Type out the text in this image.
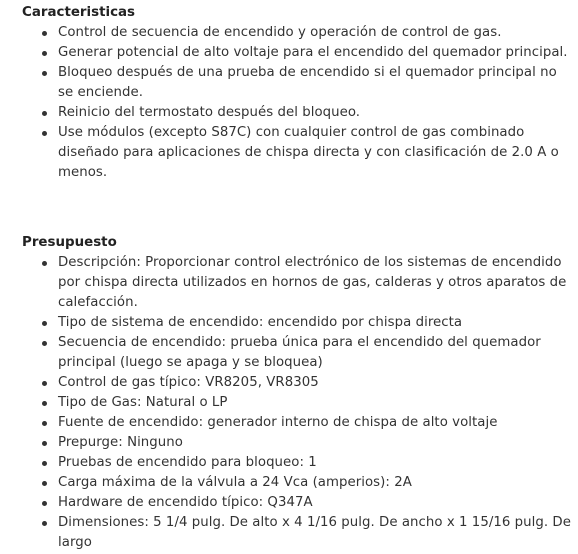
Caracteristicas
Control de secuencia de encendido y operación de control de gas.
Generar potencial de alto voltaje para el encendido del quemador principal.
Bloqueo después de una prueba de encendido si el quemador principal no se enciende.
Reinicio del termostato después del bloqueo.
Use módulos (excepto S87C) con cualquier control de gas combinado diseñado para aplicaciones de chispa directa y con clasificación de 2.0 A o menos.
Presupuesto
Descripción: Proporcionar control electrónico de los sistemas de encendido por chispa directa utilizados en hornos de gas, calderas y otros aparatos de calefacción.
Tipo de sistema de encendido: encendido por chispa directa
Secuencia de encendido: prueba única para el encendido del quemador principal (luego se apaga y se bloquea)
Control de gas típico: VR8205, VR8305
Tipo de Gas: Natural o LP
Fuente de encendido: generador interno de chispa de alto voltaje
Prepurge: Ninguno
Pruebas de encendido para bloqueo: 1
Carga máxima de la válvula a 24 Vca (amperios): 2A
Hardware de encendido típico: Q347A
Dimensiones: 5 1/4 pulg. De alto x 4 1/16 pulg. De ancho x 1 15/16 pulg. De largo
